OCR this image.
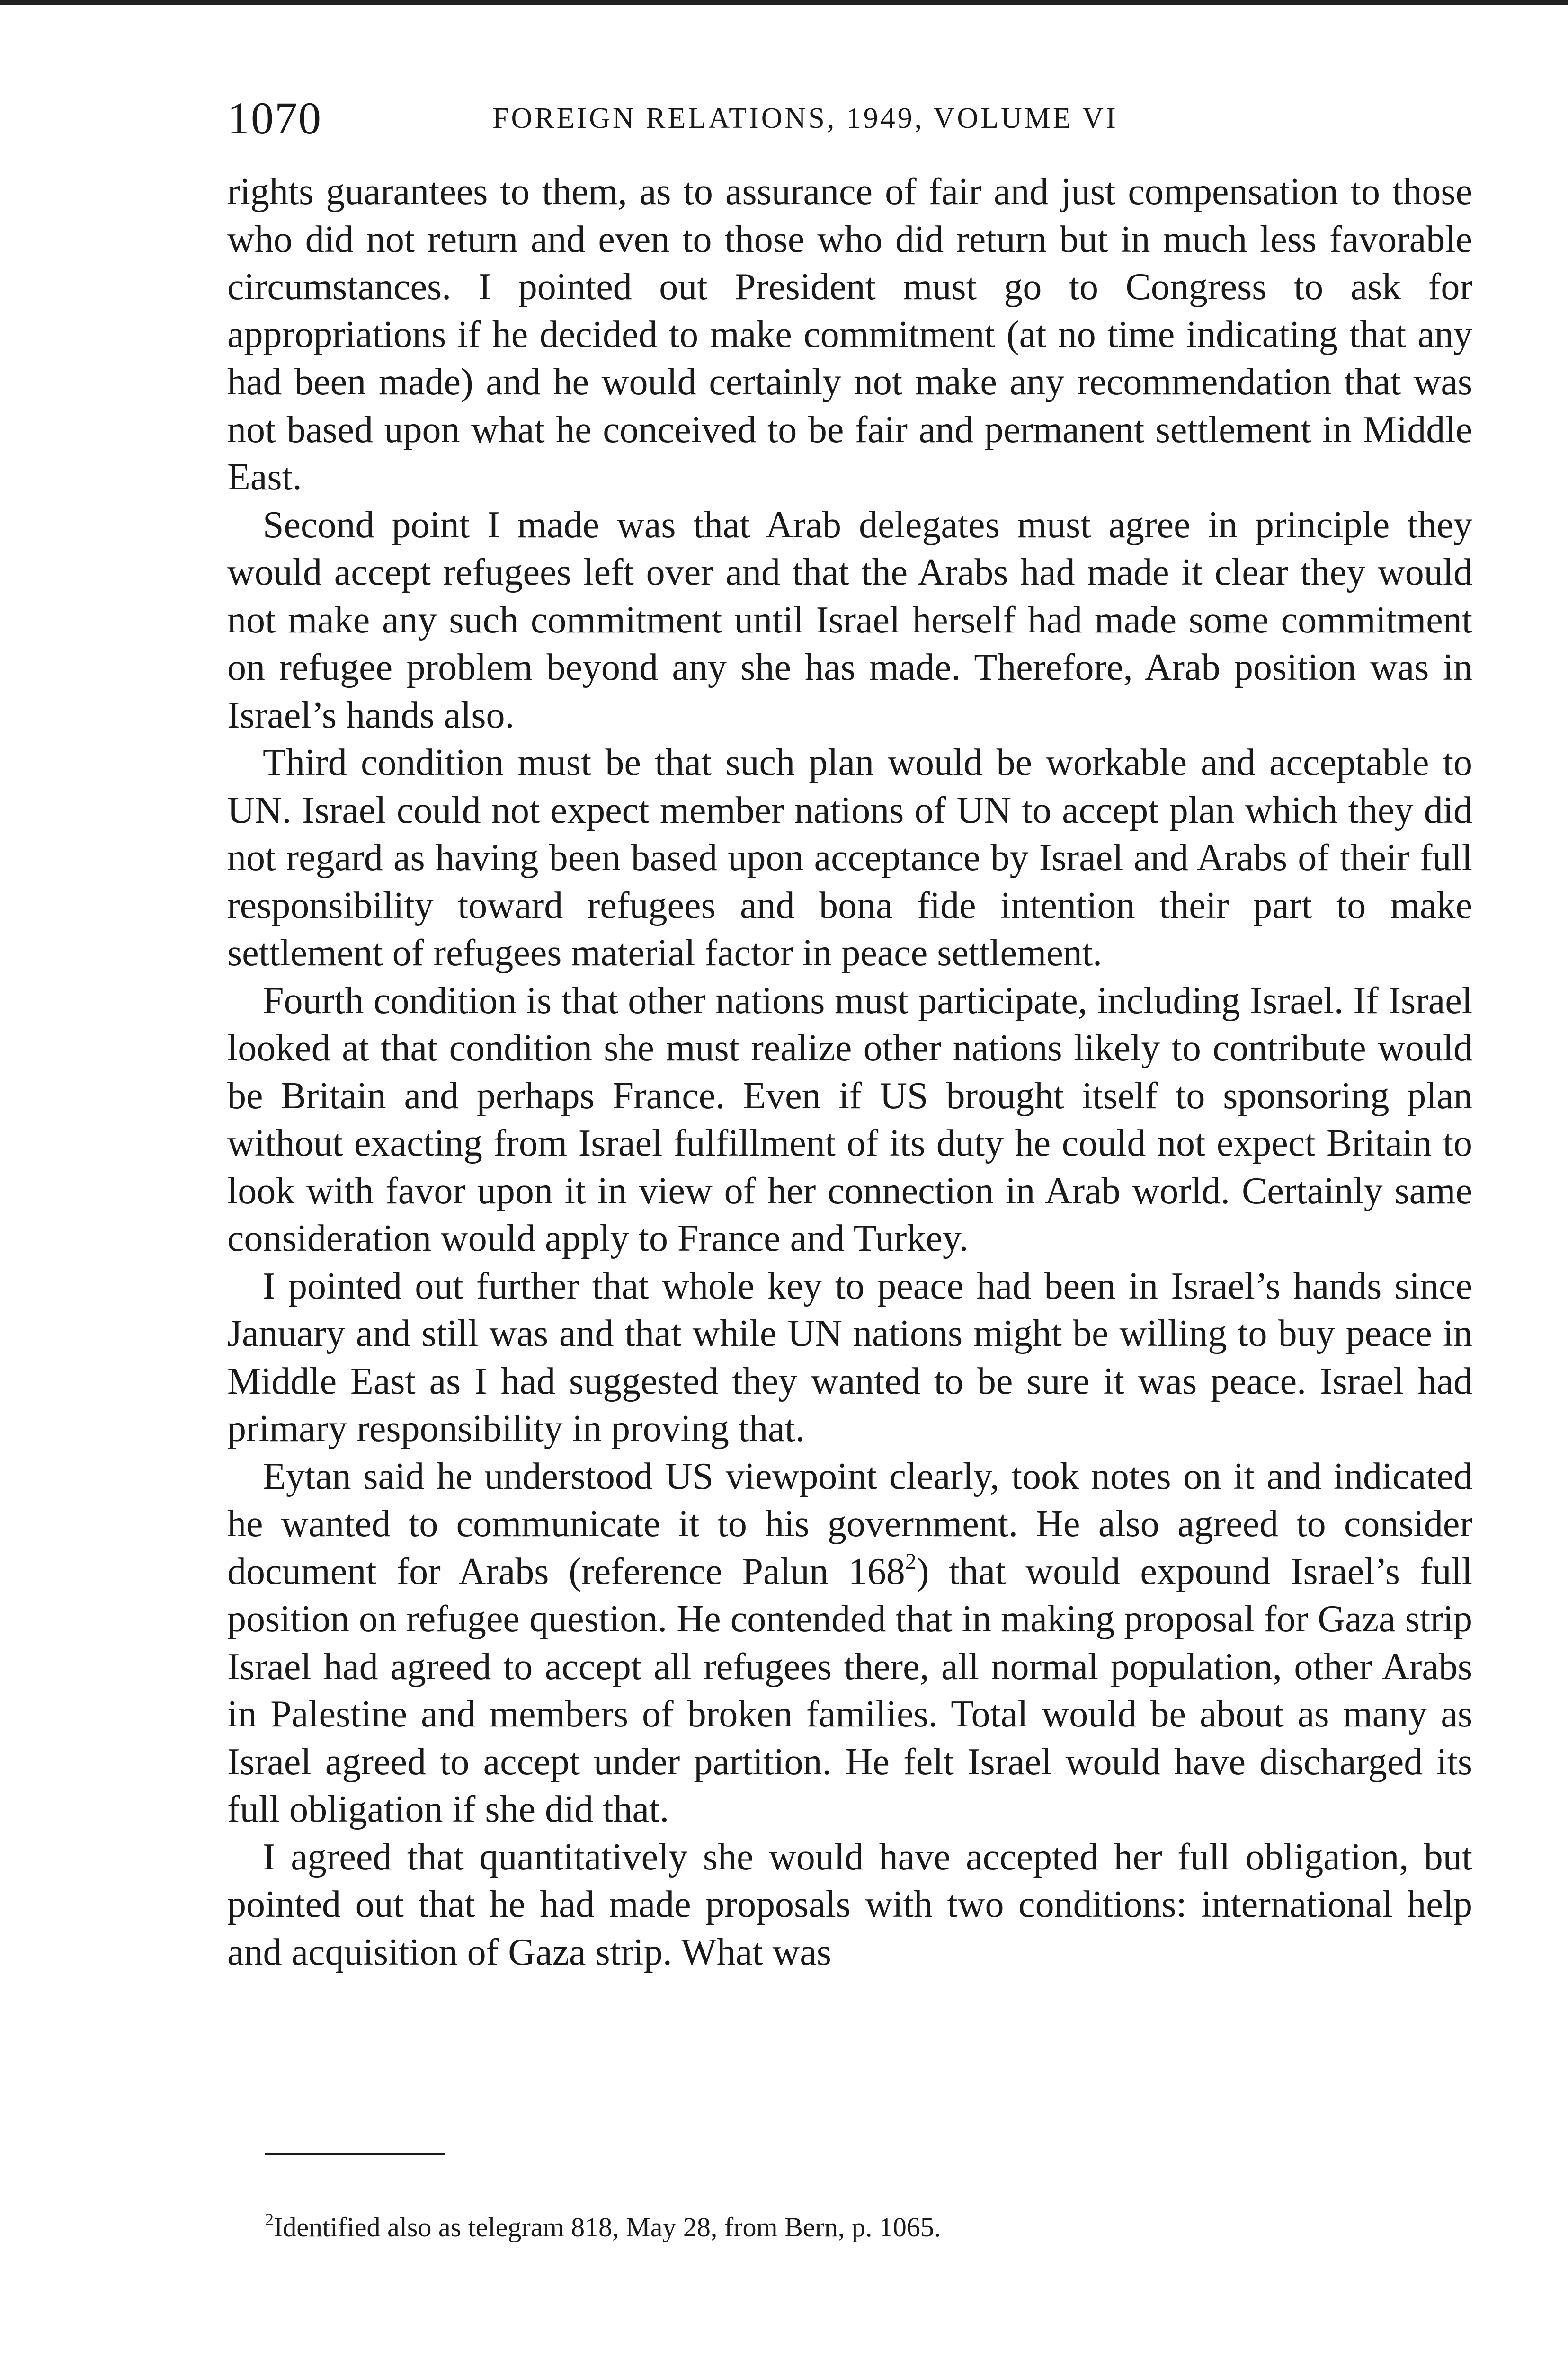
1070	FOREIGN RELATIONS, 1949, VOLUME VI

rights guarantees to them, as to assurance of fair and just compensation to those who did not return and even to those who did return but in much less favorable circumstances. I pointed out President must go to Congress to ask for appropriations if he decided to make commitment (at no time indicating that any had been made) and he would certainly not make any recommendation that was not based upon what he conceived to be fair and permanent settlement in Middle East.

Second point I made was that Arab delegates must agree in principle they would accept refugees left over and that the Arabs had made it clear they would not make any such commitment until Israel herself had made some commitment on refugee problem beyond any she has made. Therefore, Arab position was in Israel’s hands also.

Third condition must be that such plan would be workable and acceptable to UN. Israel could not expect member nations of UN to accept plan which they did not regard as having been based upon acceptance by Israel and Arabs of their full responsibility toward refugees and bona fide intention their part to make settlement of refugees material factor in peace settlement.

Fourth condition is that other nations must participate, including Israel. If Israel looked at that condition she must realize other nations likely to contribute would be Britain and perhaps France. Even if US brought itself to sponsoring plan without exacting from Israel fulfillment of its duty he could not expect Britain to look with favor upon it in view of her connection in Arab world. Certainly same consideration would apply to France and Turkey.

I pointed out further that whole key to peace had been in Israel’s hands since January and still was and that while UN nations might be willing to buy peace in Middle East as I had suggested they wanted to be sure it was peace. Israel had primary responsibility in proving that.

Eytan said he understood US viewpoint clearly, took notes on it and indicated he wanted to communicate it to his government. He also agreed to consider document for Arabs (reference Palun 168$^2$) that would expound Israel’s full position on refugee question. He contended that in making proposal for Gaza strip Israel had agreed to accept all refugees there, all normal population, other Arabs in Palestine and members of broken families. Total would be about as many as Israel agreed to accept under partition. He felt Israel would have discharged its full obligation if she did that.

I agreed that quantitatively she would have accepted her full obligation, but pointed out that he had made proposals with two conditions: international help and acquisition of Gaza strip. What was

$^2$Identified also as telegram 818, May 28, from Bern, p. 1065.
